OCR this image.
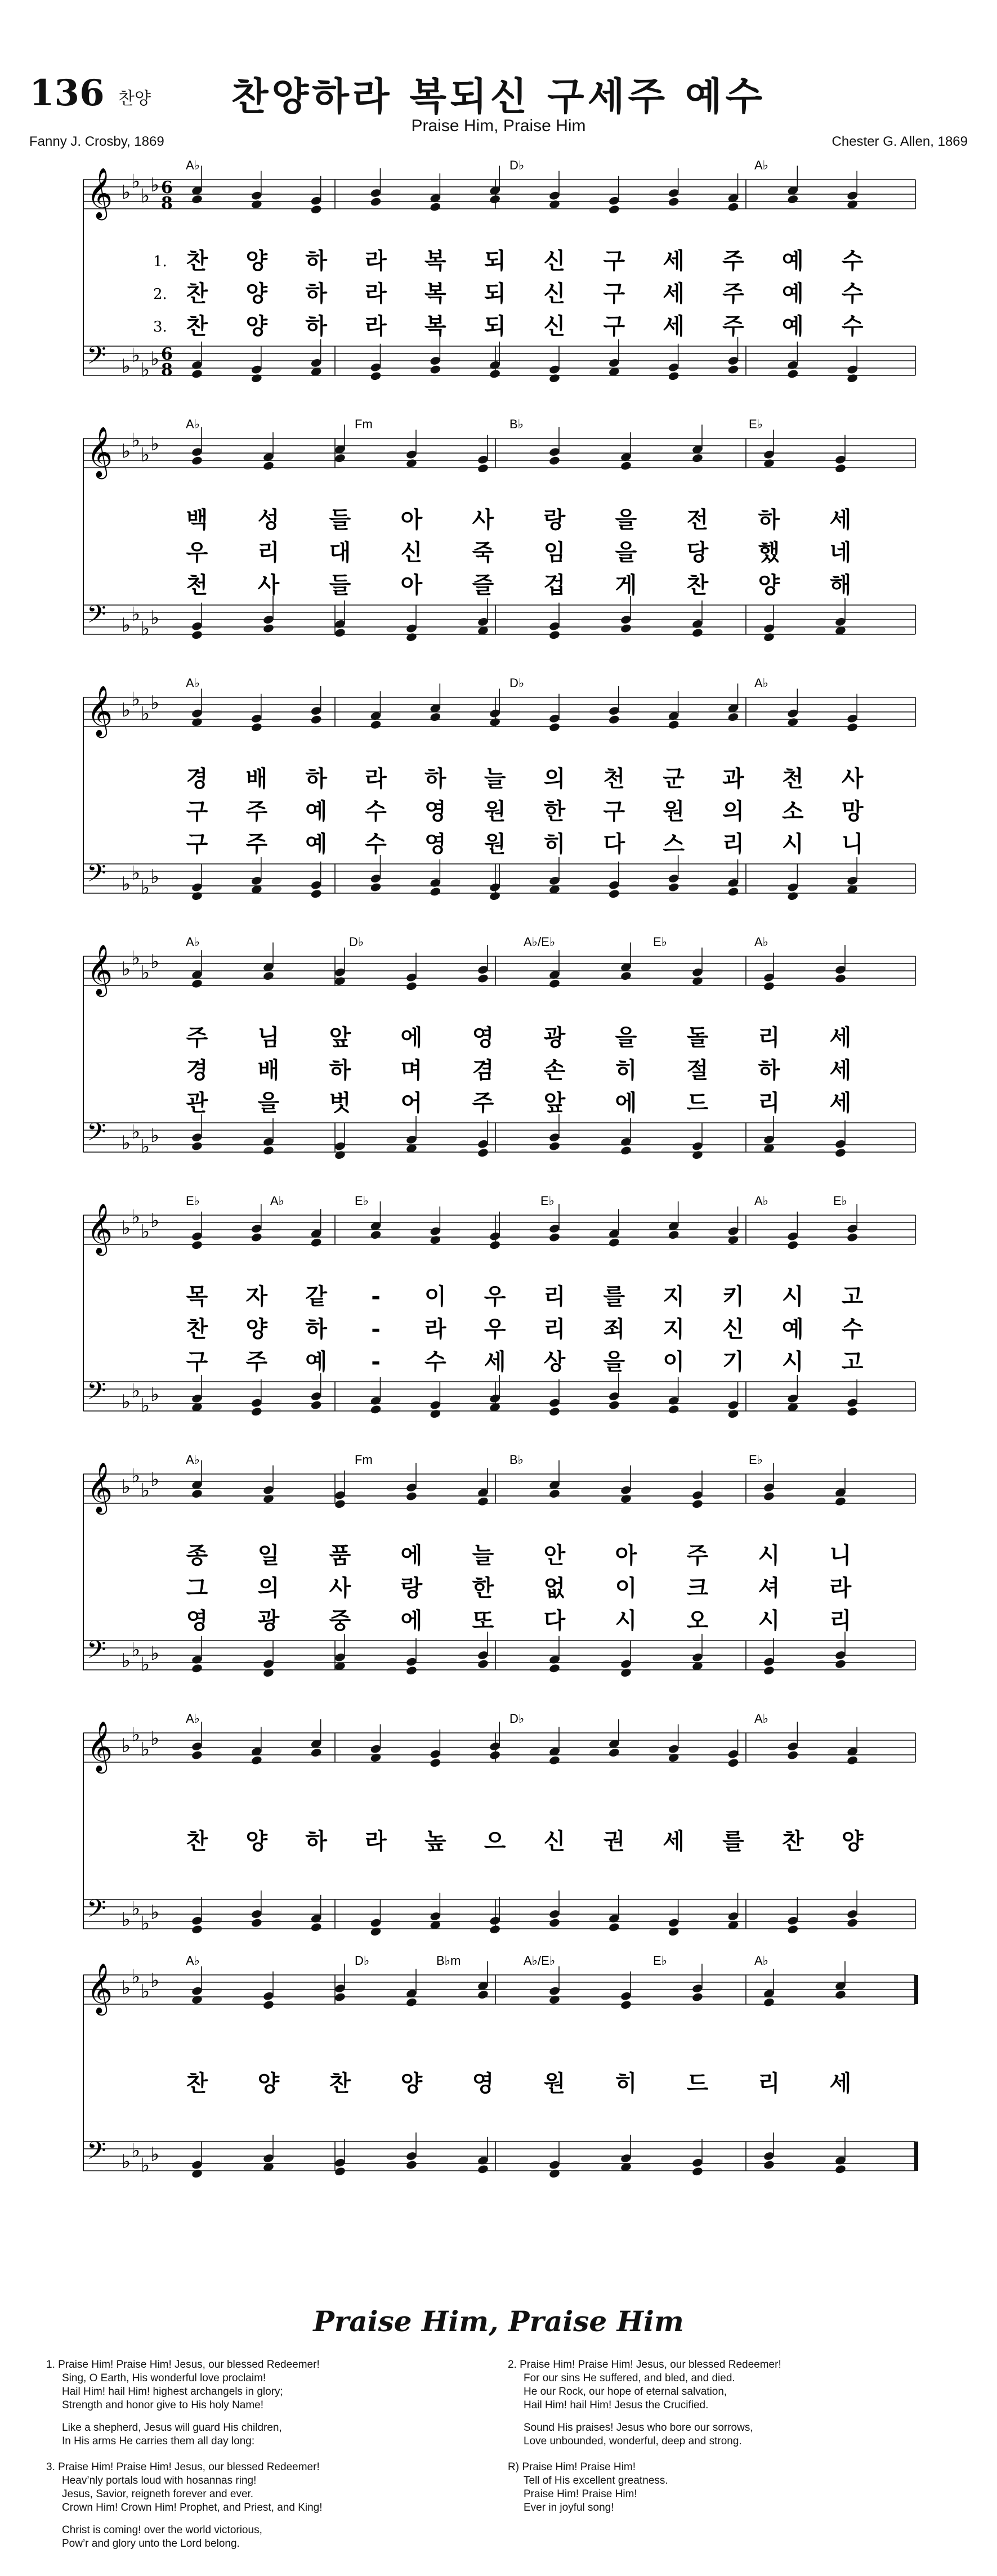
136 찬양	찬양하라 복되신 구세주 예수
Praise Him, Praise Him
Fanny J. Crosby, 1869	Chester G. Allen, 1869
𝄞 ♭ ♭
♭ ♭ 6
8
𝄢 ♭ ♭
♭ ♭ 6
8
A♭	D♭	A♭
1.
2.
3.
찬 양 하 라 복 되 신 구 세 주 예 수
찬 양 하 라 복 되 신 구 세 주 예 수
찬 양 하 라 복 되 신 구 세 주 예 수
𝄞 ♭ ♭
♭ ♭
𝄢 ♭ ♭
♭ ♭
A♭	Fm	B♭	E♭
백 성 들 아 사 랑 을 전 하 세
우 리 대 신 죽 임 을 당 했 네
천 사 들 아 즐 겁 게 찬 양 해
𝄞 ♭ ♭
♭ ♭
𝄢 ♭ ♭
♭ ♭
A♭	D♭	A♭
경 배 하 라 하 늘 의 천 군 과 천 사
구 주 예 수 영 원 한 구 원 의 소 망
구 주 예 수 영 원 히 다 스 리 시 니
𝄞 ♭ ♭
♭ ♭
𝄢 ♭ ♭
♭ ♭
A♭	D♭	A♭/E♭	E♭	A♭
주 님 앞 에 영 광 을 돌 리 세
경 배 하 며 겸 손 히 절 하 세
관 을 벗 어 주 앞 에 드 리 세
𝄞 ♭ ♭
♭ ♭
𝄢 ♭ ♭
♭ ♭
E♭	A♭	E♭	E♭	A♭	E♭
목 자 같 - 이 우 리 를 지 키 시 고
찬 양 하 - 라 우 리 죄 지 신 예 수
구 주 예 - 수 세 상 을 이 기 시 고
𝄞 ♭ ♭
♭ ♭
𝄢 ♭ ♭
♭ ♭
A♭	Fm	B♭	E♭
종 일 품 에 늘 안 아 주 시 니
그 의 사 랑 한 없 이 크 셔 라
영 광 중 에 또 다 시 오 시 리
𝄞 ♭ ♭
♭ ♭
𝄢 ♭ ♭
♭ ♭
A♭	D♭	A♭
찬 양 하 라 높 으 신 권 세 를 찬 양
𝄞 ♭ ♭
♭ ♭
𝄢 ♭ ♭
♭ ♭
A♭	D♭	B♭m	A♭/E♭	E♭	A♭
찬 양 찬 양 영 원 히 드 리 세
Praise Him, Praise Him
1. Praise Him! Praise Him! Jesus, our blessed Redeemer!
Sing, O Earth, His wonderful love proclaim!
Hail Him! hail Him! highest archangels in glory;
Strength and honor give to His holy Name!
Like a shepherd, Jesus will guard His children,
In His arms He carries them all day long:
3. Praise Him! Praise Him! Jesus, our blessed Redeemer!
Heav’nly portals loud with hosannas ring!
Jesus, Savior, reigneth forever and ever.
Crown Him! Crown Him! Prophet, and Priest, and King!
Christ is coming! over the world victorious,
Pow’r and glory unto the Lord belong.
2. Praise Him! Praise Him! Jesus, our blessed Redeemer!
For our sins He suffered, and bled, and died.
He our Rock, our hope of eternal salvation,
Hail Him! hail Him! Jesus the Crucified.
Sound His praises! Jesus who bore our sorrows,
Love unbounded, wonderful, deep and strong.
R) Praise Him! Praise Him!
Tell of His excellent greatness.
Praise Him! Praise Him!
Ever in joyful song!
